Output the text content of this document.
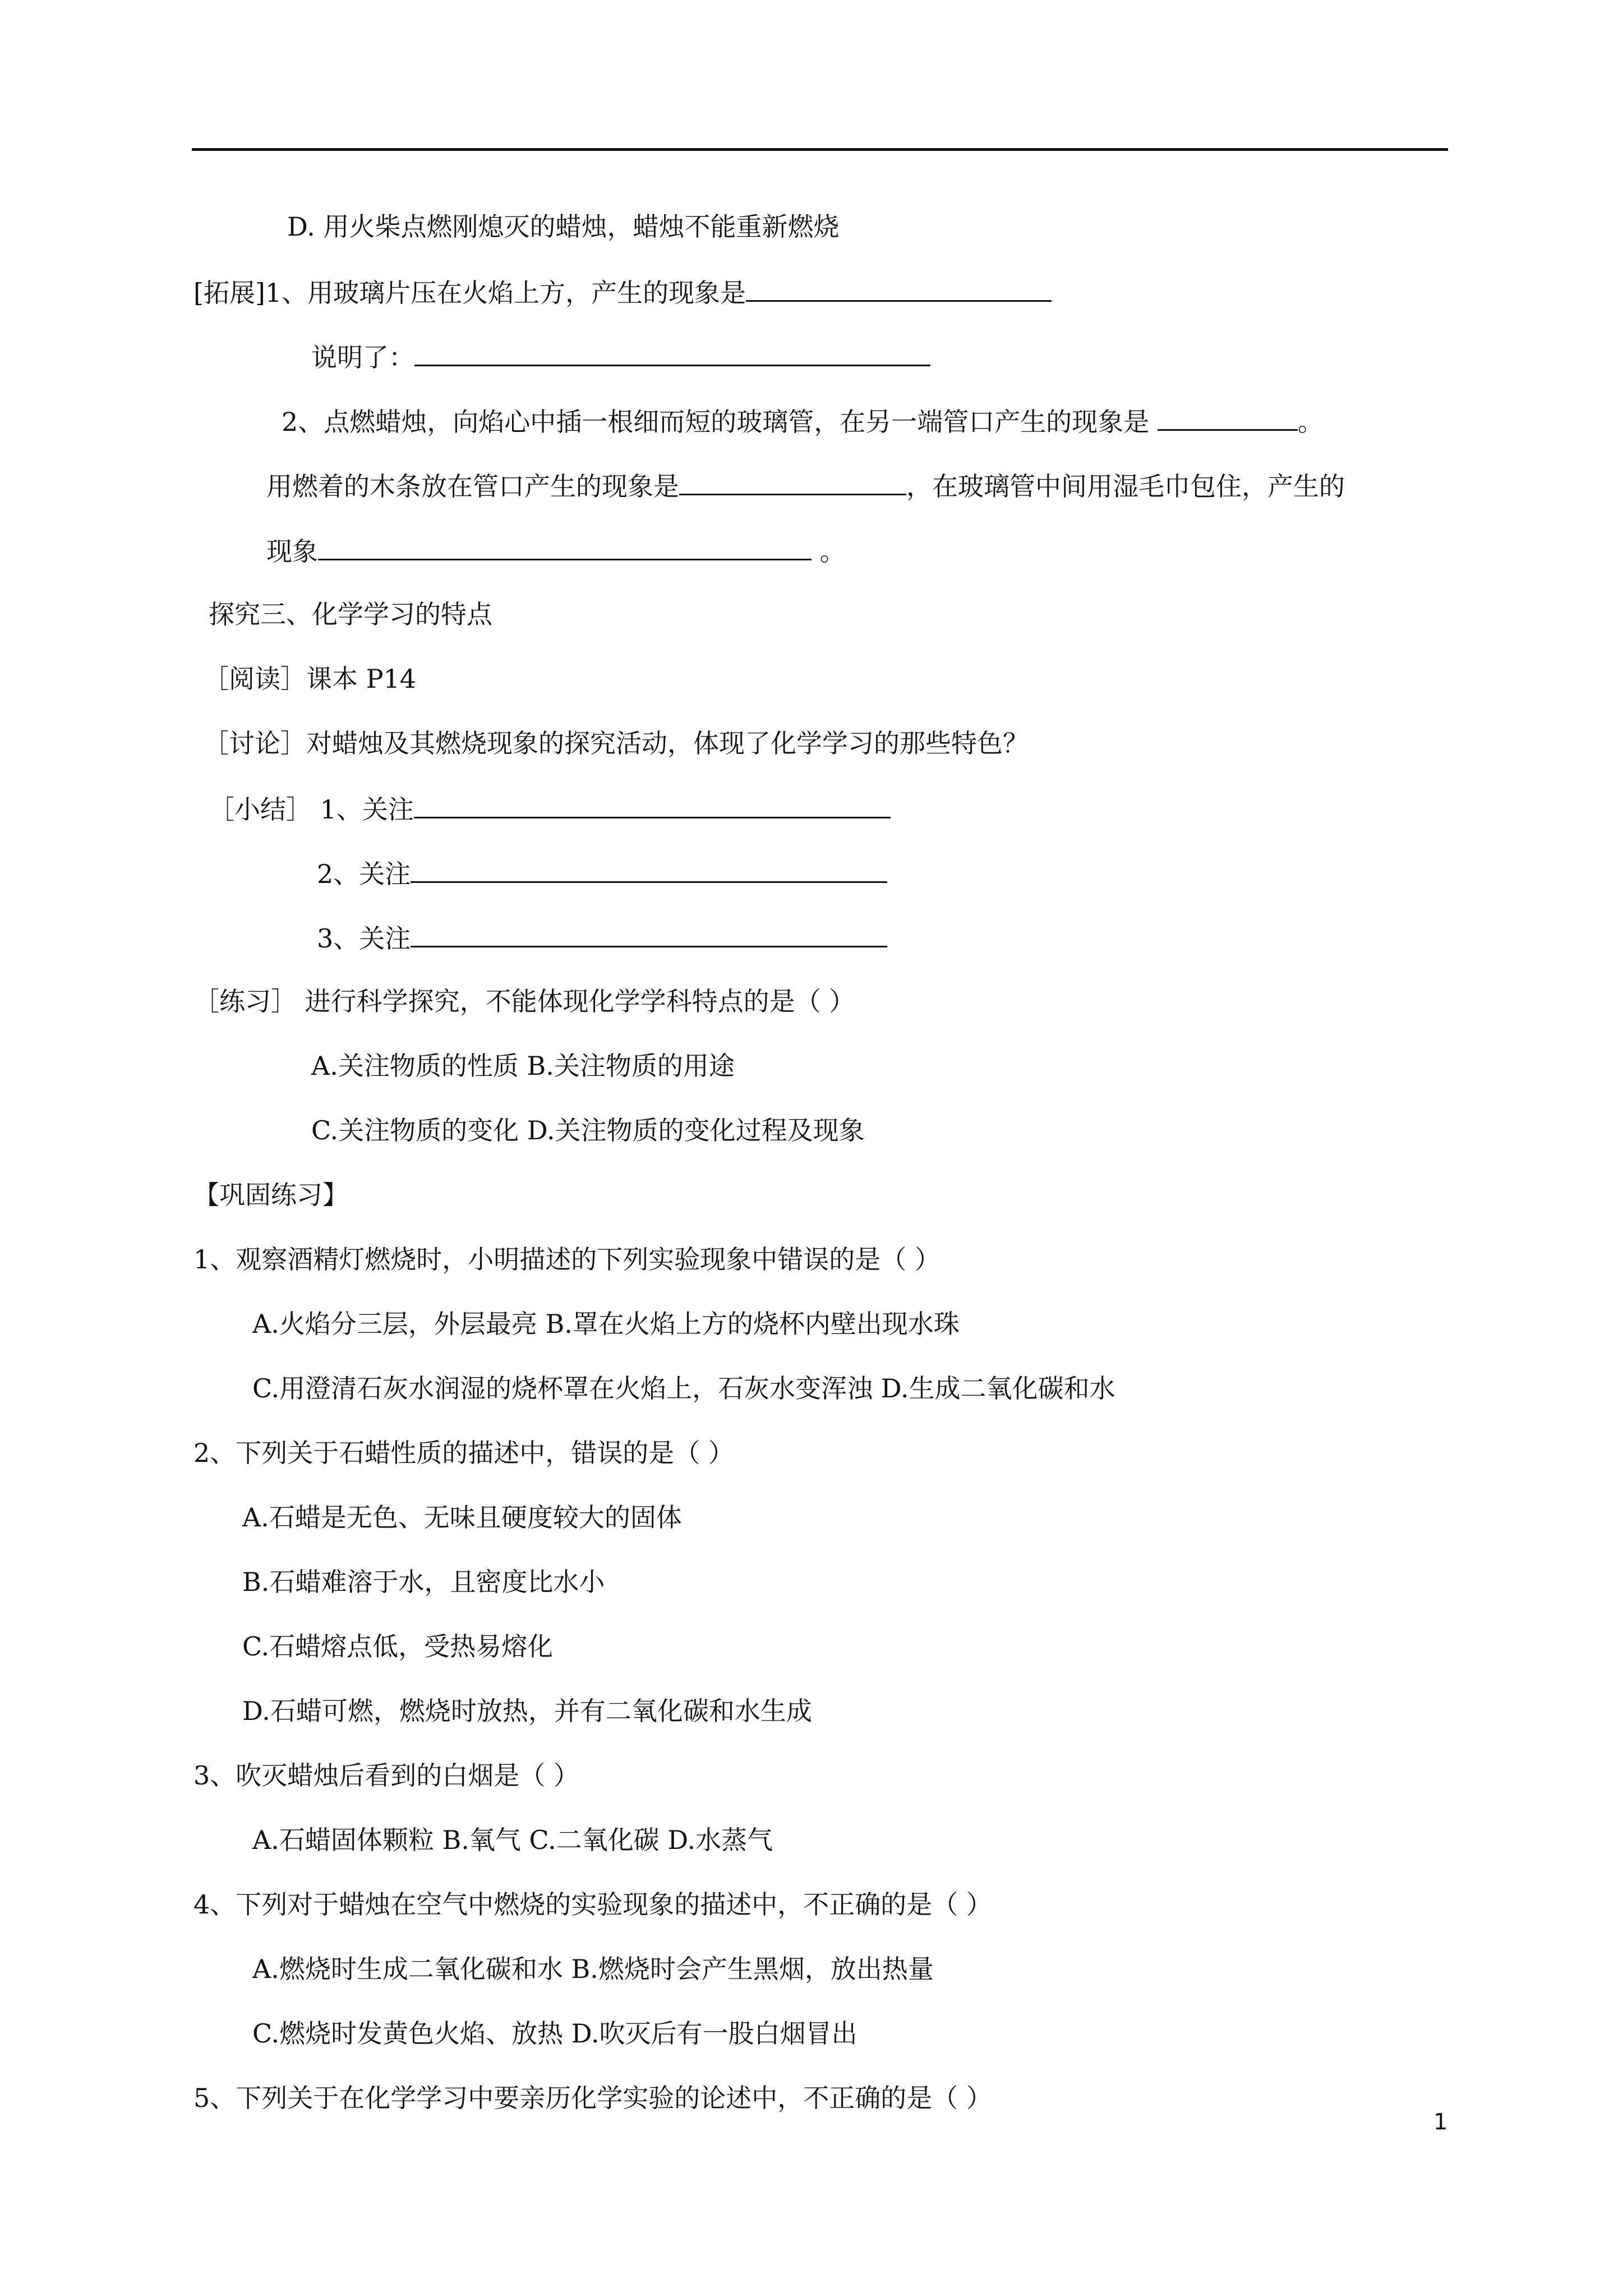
D. 用火柴点燃刚熄灭的蜡烛，蜡烛不能重新燃烧
[拓展]1、用玻璃片压在火焰上方，产生的现象是
说明了：
2、点燃蜡烛，向焰心中插一根细而短的玻璃管，在另一端管口产生的现象是	。
用燃着的木条放在管口产生的现象是	，在玻璃管中间用湿毛巾包住，产生的
现象	。
探究三、化学学习的特点
［阅读］课本 P14
［讨论］对蜡烛及其燃烧现象的探究活动，体现了化学学习的那些特色？
［小结］ 1、关注
2、关注
3、关注
［练习］ 进行科学探究，不能体现化学学科特点的是（ ）
A.关注物质的性质 B.关注物质的用途
C.关注物质的变化 D.关注物质的变化过程及现象
【巩固练习】
1、观察酒精灯燃烧时，小明描述的下列实验现象中错误的是（ ）
A.火焰分三层，外层最亮 B.罩在火焰上方的烧杯内壁出现水珠
C.用澄清石灰水润湿的烧杯罩在火焰上，石灰水变浑浊 D.生成二氧化碳和水
2、下列关于石蜡性质的描述中，错误的是（ ）
A.石蜡是无色、无味且硬度较大的固体
B.石蜡难溶于水，且密度比水小
C.石蜡熔点低，受热易熔化
D.石蜡可燃，燃烧时放热，并有二氧化碳和水生成
3、吹灭蜡烛后看到的白烟是（ ）
A.石蜡固体颗粒 B.氧气 C.二氧化碳 D.水蒸气
4、下列对于蜡烛在空气中燃烧的实验现象的描述中，不正确的是（ ）
A.燃烧时生成二氧化碳和水 B.燃烧时会产生黑烟，放出热量
C.燃烧时发黄色火焰、放热 D.吹灭后有一股白烟冒出
5、下列关于在化学学习中要亲历化学实验的论述中，不正确的是（ ）
1
